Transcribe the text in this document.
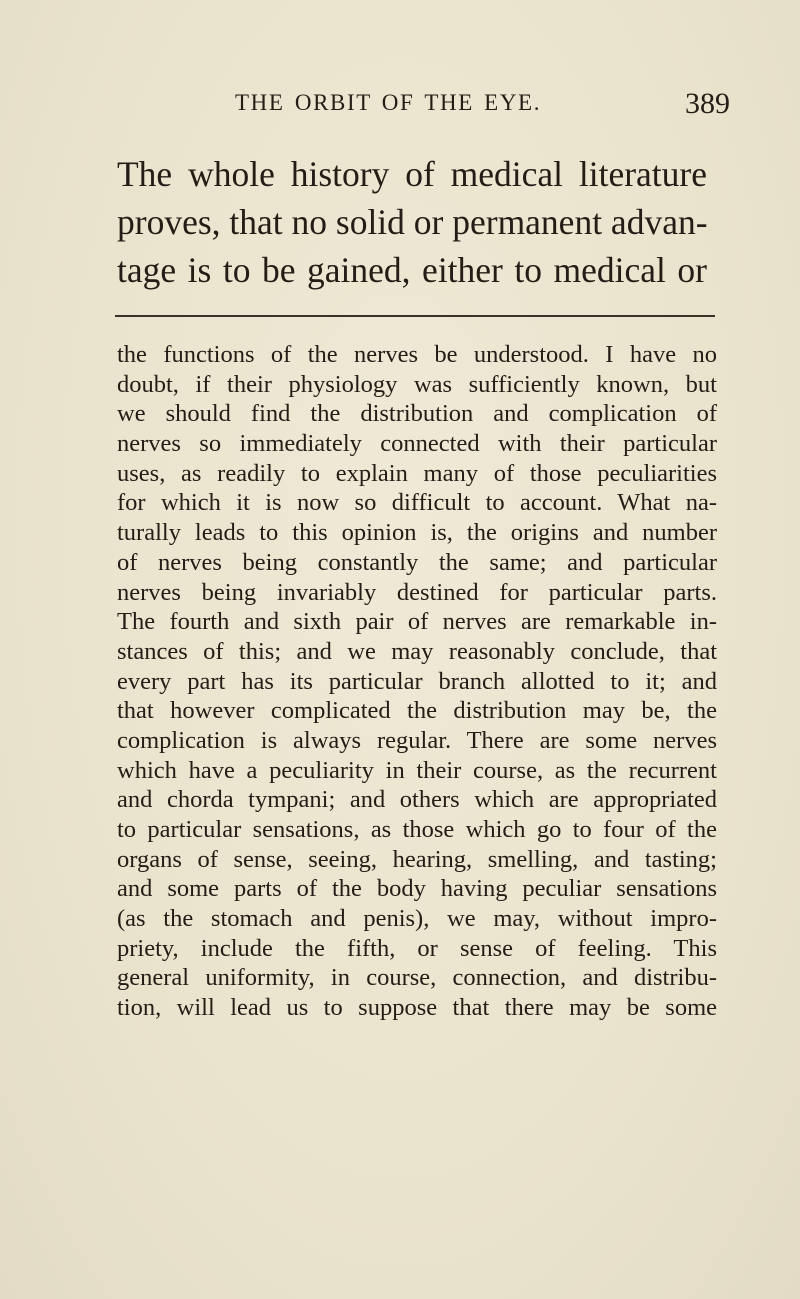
THE ORBIT OF THE EYE.	389
The whole history of medical literature
proves, that no solid or permanent advan-
tage is to be gained, either to medical or
the functions of the nerves be understood. I have no
doubt, if their physiology was sufficiently known, but
we should find the distribution and complication of
nerves so immediately connected with their particular
uses, as readily to explain many of those peculiarities
for which it is now so difficult to account. What na-
turally leads to this opinion is, the origins and number
of nerves being constantly the same; and particular
nerves being invariably destined for particular parts.
The fourth and sixth pair of nerves are remarkable in-
stances of this; and we may reasonably conclude, that
every part has its particular branch allotted to it; and
that however complicated the distribution may be, the
complication is always regular. There are some nerves
which have a peculiarity in their course, as the recurrent
and chorda tympani; and others which are appropriated
to particular sensations, as those which go to four of the
organs of sense, seeing, hearing, smelling, and tasting;
and some parts of the body having peculiar sensations
(as the stomach and penis), we may, without impro-
priety, include the fifth, or sense of feeling. This
general uniformity, in course, connection, and distribu-
tion, will lead us to suppose that there may be some
